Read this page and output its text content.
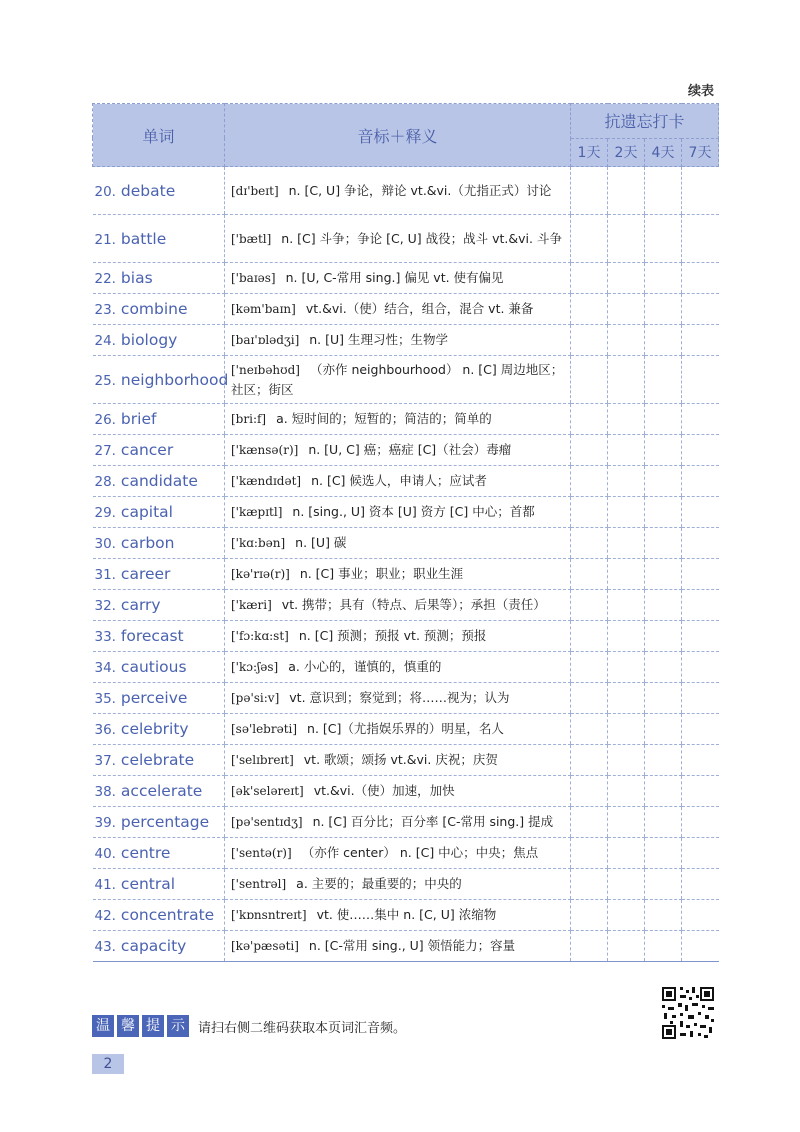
续表
单词	音标＋释义	抗遗忘打卡			
		1天	2天	4天	7天
20. debate	[dɪ'beɪt] n. [C, U] 争论，辩论 vt.&vi.（尤指正式）讨论				
21. battle	['bætl] n. [C] 斗争；争论 [C, U] 战役；战斗 vt.&vi. 斗争				
22. bias	['baɪəs] n. [U, C-常用 sing.] 偏见 vt. 使有偏见				
23. combine	[kəm'baɪn] vt.&vi.（使）结合，组合，混合 vt. 兼备				
24. biology	[baɪ'ɒlədʒi] n. [U] 生理习性；生物学				
25. neighborhood	['neɪbəhʊd] （亦作 neighbourhood） n. [C] 周边地区；社区；街区				
26. brief	[bri:f] a. 短时间的；短暂的；简洁的；简单的				
27. cancer	['kænsə(r)] n. [U, C] 癌；癌症 [C]（社会）毒瘤				
28. candidate	['kændɪdət] n. [C] 候选人，申请人；应试者				
29. capital	['kæpɪtl] n. [sing., U] 资本 [U] 资方 [C] 中心；首都				
30. carbon	['kɑ:bən] n. [U] 碳				
31. career	[kə'rɪə(r)] n. [C] 事业；职业；职业生涯				
32. carry	['kæri] vt. 携带；具有（特点、后果等）；承担（责任）				
33. forecast	['fɔ:kɑ:st] n. [C] 预测；预报 vt. 预测；预报				
34. cautious	['kɔ:ʃəs] a. 小心的，谨慎的，慎重的				
35. perceive	[pə'si:v] vt. 意识到；察觉到；将……视为；认为				
36. celebrity	[sə'lebrəti] n. [C]（尤指娱乐界的）明星，名人				
37. celebrate	['selɪbreɪt] vt. 歌颂；颂扬 vt.&vi. 庆祝；庆贺				
38. accelerate	[ək'seləreɪt] vt.&vi.（使）加速，加快				
39. percentage	[pə'sentɪdʒ] n. [C] 百分比；百分率 [C-常用 sing.] 提成				
40. centre	['sentə(r)] （亦作 center） n. [C] 中心；中央；焦点				
41. central	['sentrəl] a. 主要的；最重要的；中央的				
42. concentrate	['kɒnsntreɪt] vt. 使……集中 n. [C, U] 浓缩物				
43. capacity	[kə'pæsəti] n. [C-常用 sing., U] 领悟能力；容量				
温 馨 提 示	请扫右侧二维码获取本页词汇音频。
2
